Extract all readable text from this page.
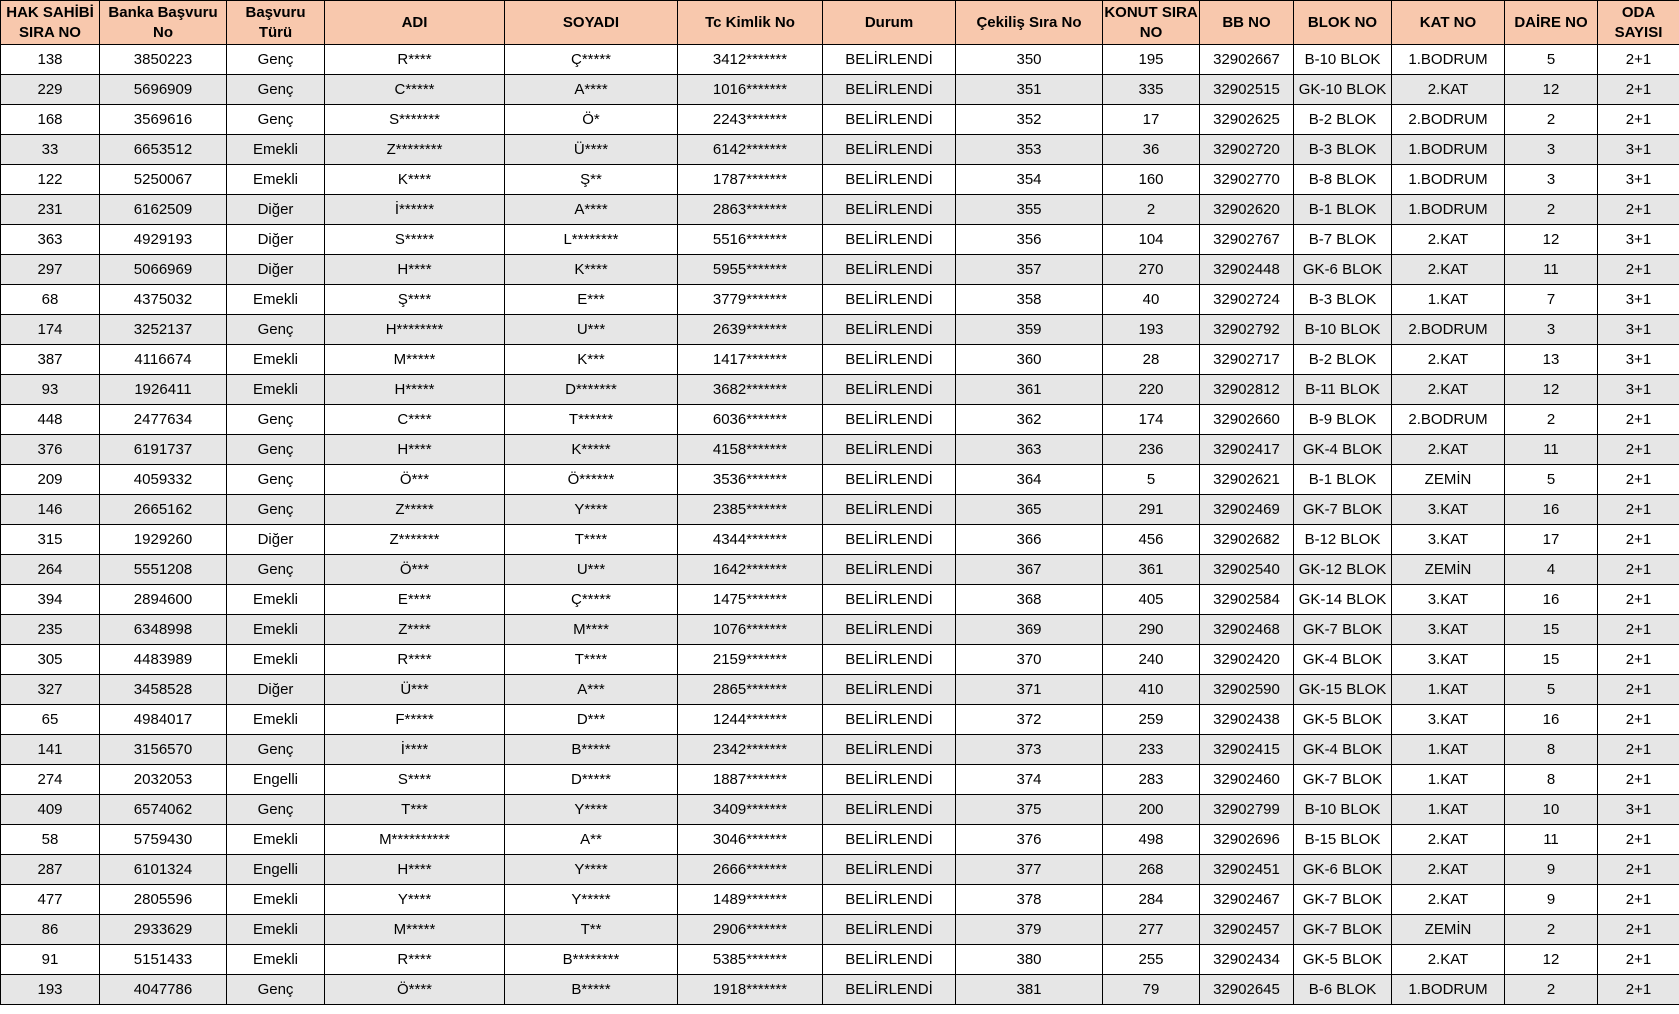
HAK SAHİBİ SIRA NO	Banka Başvuru No	Başvuru Türü	ADI	SOYADI	Tc Kimlik No	Durum	Çekiliş Sıra No	KONUT SIRA NO	BB NO	BLOK NO	KAT NO	DAİRE NO	ODA SAYISI
138	3850223	Genç	R****	Ç*****	3412*******	BELİRLENDİ	350	195	32902667	B-10 BLOK	1.BODRUM	5	2+1
229	5696909	Genç	C*****	A****	1016*******	BELİRLENDİ	351	335	32902515	GK-10 BLOK	2.KAT	12	2+1
168	3569616	Genç	S*******	Ö*	2243*******	BELİRLENDİ	352	17	32902625	B-2 BLOK	2.BODRUM	2	2+1
33	6653512	Emekli	Z********	Ü****	6142*******	BELİRLENDİ	353	36	32902720	B-3 BLOK	1.BODRUM	3	3+1
122	5250067	Emekli	K****	Ş**	1787*******	BELİRLENDİ	354	160	32902770	B-8 BLOK	1.BODRUM	3	3+1
231	6162509	Diğer	İ******	A****	2863*******	BELİRLENDİ	355	2	32902620	B-1 BLOK	1.BODRUM	2	2+1
363	4929193	Diğer	S*****	L********	5516*******	BELİRLENDİ	356	104	32902767	B-7 BLOK	2.KAT	12	3+1
297	5066969	Diğer	H****	K****	5955*******	BELİRLENDİ	357	270	32902448	GK-6 BLOK	2.KAT	11	2+1
68	4375032	Emekli	Ş****	E***	3779*******	BELİRLENDİ	358	40	32902724	B-3 BLOK	1.KAT	7	3+1
174	3252137	Genç	H********	U***	2639*******	BELİRLENDİ	359	193	32902792	B-10 BLOK	2.BODRUM	3	3+1
387	4116674	Emekli	M*****	K***	1417*******	BELİRLENDİ	360	28	32902717	B-2 BLOK	2.KAT	13	3+1
93	1926411	Emekli	H*****	D*******	3682*******	BELİRLENDİ	361	220	32902812	B-11 BLOK	2.KAT	12	3+1
448	2477634	Genç	C****	T******	6036*******	BELİRLENDİ	362	174	32902660	B-9 BLOK	2.BODRUM	2	2+1
376	6191737	Genç	H****	K*****	4158*******	BELİRLENDİ	363	236	32902417	GK-4 BLOK	2.KAT	11	2+1
209	4059332	Genç	Ö***	Ö******	3536*******	BELİRLENDİ	364	5	32902621	B-1 BLOK	ZEMİN	5	2+1
146	2665162	Genç	Z*****	Y****	2385*******	BELİRLENDİ	365	291	32902469	GK-7 BLOK	3.KAT	16	2+1
315	1929260	Diğer	Z*******	T****	4344*******	BELİRLENDİ	366	456	32902682	B-12 BLOK	3.KAT	17	2+1
264	5551208	Genç	Ö***	U***	1642*******	BELİRLENDİ	367	361	32902540	GK-12 BLOK	ZEMİN	4	2+1
394	2894600	Emekli	E****	Ç*****	1475*******	BELİRLENDİ	368	405	32902584	GK-14 BLOK	3.KAT	16	2+1
235	6348998	Emekli	Z****	M****	1076*******	BELİRLENDİ	369	290	32902468	GK-7 BLOK	3.KAT	15	2+1
305	4483989	Emekli	R****	T****	2159*******	BELİRLENDİ	370	240	32902420	GK-4 BLOK	3.KAT	15	2+1
327	3458528	Diğer	Ü***	A***	2865*******	BELİRLENDİ	371	410	32902590	GK-15 BLOK	1.KAT	5	2+1
65	4984017	Emekli	F*****	D***	1244*******	BELİRLENDİ	372	259	32902438	GK-5 BLOK	3.KAT	16	2+1
141	3156570	Genç	İ****	B*****	2342*******	BELİRLENDİ	373	233	32902415	GK-4 BLOK	1.KAT	8	2+1
274	2032053	Engelli	S****	D*****	1887*******	BELİRLENDİ	374	283	32902460	GK-7 BLOK	1.KAT	8	2+1
409	6574062	Genç	T***	Y****	3409*******	BELİRLENDİ	375	200	32902799	B-10 BLOK	1.KAT	10	3+1
58	5759430	Emekli	M**********	A**	3046*******	BELİRLENDİ	376	498	32902696	B-15 BLOK	2.KAT	11	2+1
287	6101324	Engelli	H****	Y****	2666*******	BELİRLENDİ	377	268	32902451	GK-6 BLOK	2.KAT	9	2+1
477	2805596	Emekli	Y****	Y*****	1489*******	BELİRLENDİ	378	284	32902467	GK-7 BLOK	2.KAT	9	2+1
86	2933629	Emekli	M*****	T**	2906*******	BELİRLENDİ	379	277	32902457	GK-7 BLOK	ZEMİN	2	2+1
91	5151433	Emekli	R****	B********	5385*******	BELİRLENDİ	380	255	32902434	GK-5 BLOK	2.KAT	12	2+1
193	4047786	Genç	Ö****	B*****	1918*******	BELİRLENDİ	381	79	32902645	B-6 BLOK	1.BODRUM	2	2+1
